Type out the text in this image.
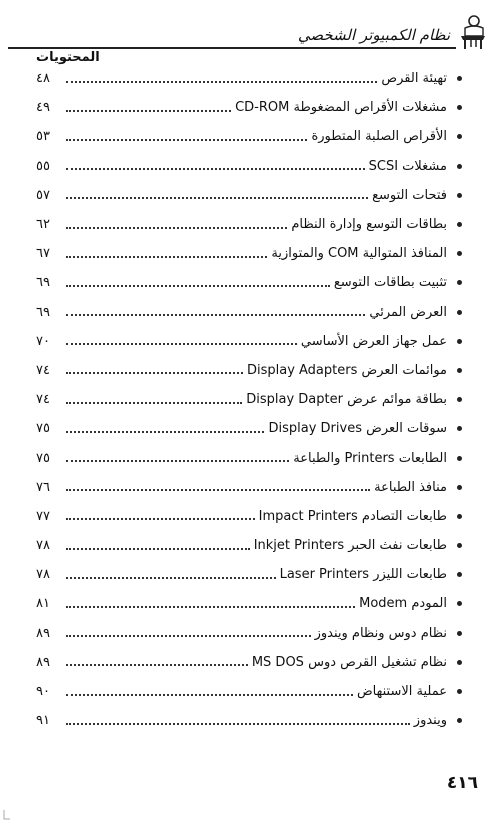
نظام الكمبيوتر الشخصي
المحتويات
تهيئة القرص
٤٨
مشغلات الأقراص المضغوطة CD-ROM
٤٩
الأقراص الصلبة المتطورة
٥٣
مشغلات SCSI
٥٥
فتحات التوسع
٥٧
بطاقات التوسع وإدارة النظام
٦٢
المنافذ المتوالية COM والمتوازية
٦٧
تثبيت بطاقات التوسع
٦٩
العرض المرئي
٦٩
عمل جهاز العرض الأساسي
٧٠
موائمات العرض Display Adapters
٧٤
بطاقة موائم عرض Display Dapter
٧٤
سوقات العرض Display Drives
٧٥
الطابعات Printers والطباعة
٧٥
منافذ الطباعة
٧٦
طابعات التصادم Impact Printers
٧٧
طابعات نفث الحبر Inkjet Printers
٧٨
طابعات الليزر Laser Printers
٧٨
المودم Modem
٨١
نظام دوس ونظام ويندوز
٨٩
نظام تشغيل القرص دوس MS DOS
٨٩
عملية الاستنهاض
٩٠
ويندوز
٩١
٤١٦
